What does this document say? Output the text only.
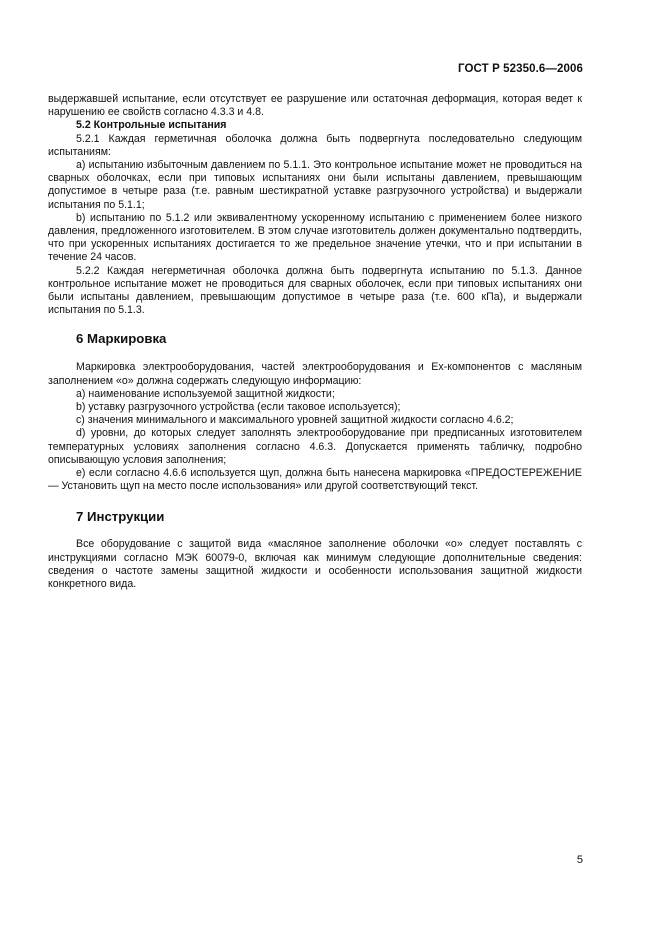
ГОСТ Р 52350.6—2006

выдержавшей испытание, если отсутствует ее разрушение или остаточная деформация, которая ведет к нарушению ее свойств согласно 4.3.3 и 4.8.

5.2 Контрольные испытания

5.2.1 Каждая герметичная оболочка должна быть подвергнута последовательно следующим испытаниям:

a) испытанию избыточным давлением по 5.1.1. Это контрольное испытание может не проводиться на сварных оболочках, если при типовых испытаниях они были испытаны давлением, превышающим допустимое в четыре раза (т.е. равным шестикратной уставке разгрузочного устройства) и выдержали испытания по 5.1.1;

b) испытанию по 5.1.2 или эквивалентному ускоренному испытанию с применением более низкого давления, предложенного изготовителем. В этом случае изготовитель должен документально подтвердить, что при ускоренных испытаниях достигается то же предельное значение утечки, что и при испытании в течение 24 часов.

5.2.2 Каждая негерметичная оболочка должна быть подвергнута испытанию по 5.1.3. Данное контрольное испытание может не проводиться для сварных оболочек, если при типовых испытаниях они были испытаны давлением, превышающим допустимое в четыре раза (т.е. 600 кПа), и выдержали испытания по 5.1.3.

6 Маркировка

Маркировка электрооборудования, частей электрооборудования и Ex-компонентов с масляным заполнением «о» должна содержать следующую информацию:

a) наименование используемой защитной жидкости;

b) уставку разгрузочного устройства (если таковое используется);

c) значения минимального и максимального уровней защитной жидкости согласно 4.6.2;

d) уровни, до которых следует заполнять электрооборудование при предписанных изготовителем температурных условиях заполнения согласно 4.6.3. Допускается применять табличку, подробно описывающую условия заполнения;

e) если согласно 4.6.6 используется щуп, должна быть нанесена маркировка «ПРЕДОСТЕРЕЖЕНИЕ — Установить щуп на место после использования» или другой соответствующий текст.

7 Инструкции

Все оборудование с защитой вида «масляное заполнение оболочки «о» следует поставлять с инструкциями согласно МЭК 60079-0, включая как минимум следующие дополнительные сведения: сведения о частоте замены защитной жидкости и особенности использования защитной жидкости конкретного вида.

5
